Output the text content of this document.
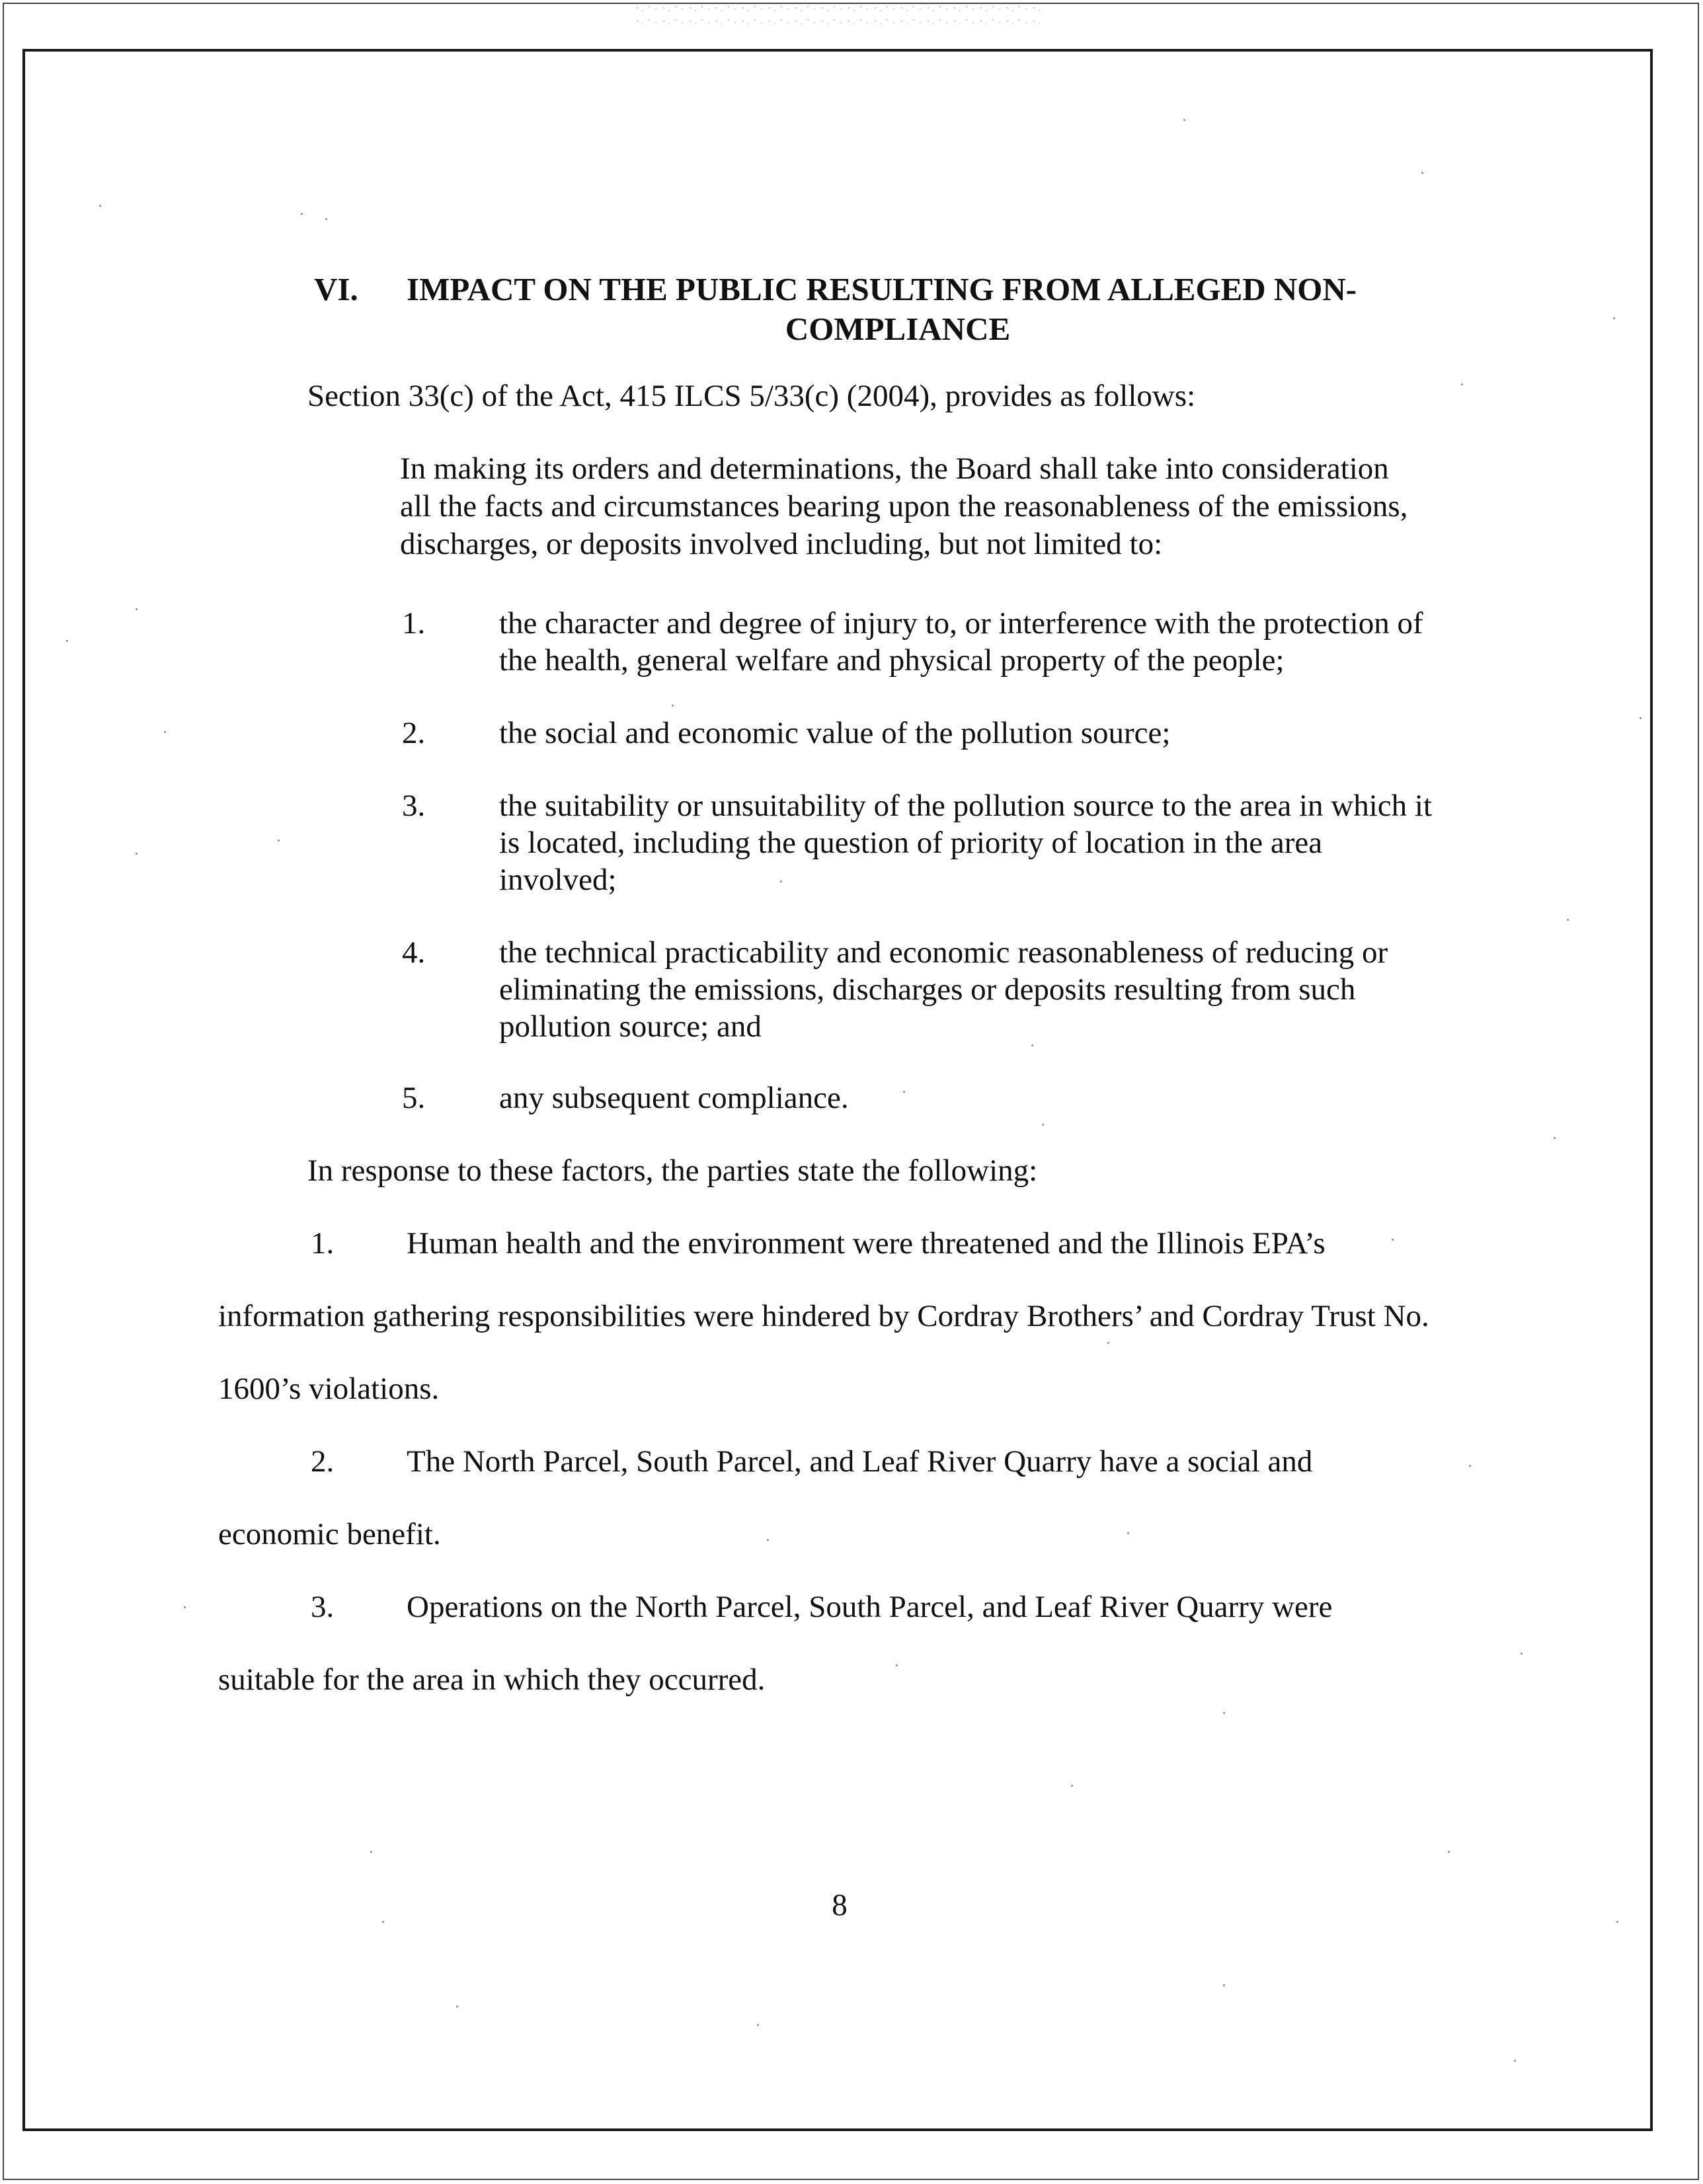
VI. IMPACT ON THE PUBLIC RESULTING FROM ALLEGED NON-
COMPLIANCE
Section 33(c) of the Act, 415 ILCS 5/33(c) (2004), provides as follows:
In making its orders and determinations, the Board shall take into consideration
all the facts and circumstances bearing upon the reasonableness of the emissions,
discharges, or deposits involved including, but not limited to:
1. the character and degree of injury to, or interference with the protection of
the health, general welfare and physical property of the people;
2. the social and economic value of the pollution source;
3. the suitability or unsuitability of the pollution source to the area in which it
is located, including the question of priority of location in the area
involved;
4. the technical practicability and economic reasonableness of reducing or
eliminating the emissions, discharges or deposits resulting from such
pollution source; and
5. any subsequent compliance.
In response to these factors, the parties state the following:
1. Human health and the environment were threatened and the Illinois EPA’s
information gathering responsibilities were hindered by Cordray Brothers’ and Cordray Trust No.
1600’s violations.
2. The North Parcel, South Parcel, and Leaf River Quarry have a social and
economic benefit.
3. Operations on the North Parcel, South Parcel, and Leaf River Quarry were
suitable for the area in which they occurred.
8
